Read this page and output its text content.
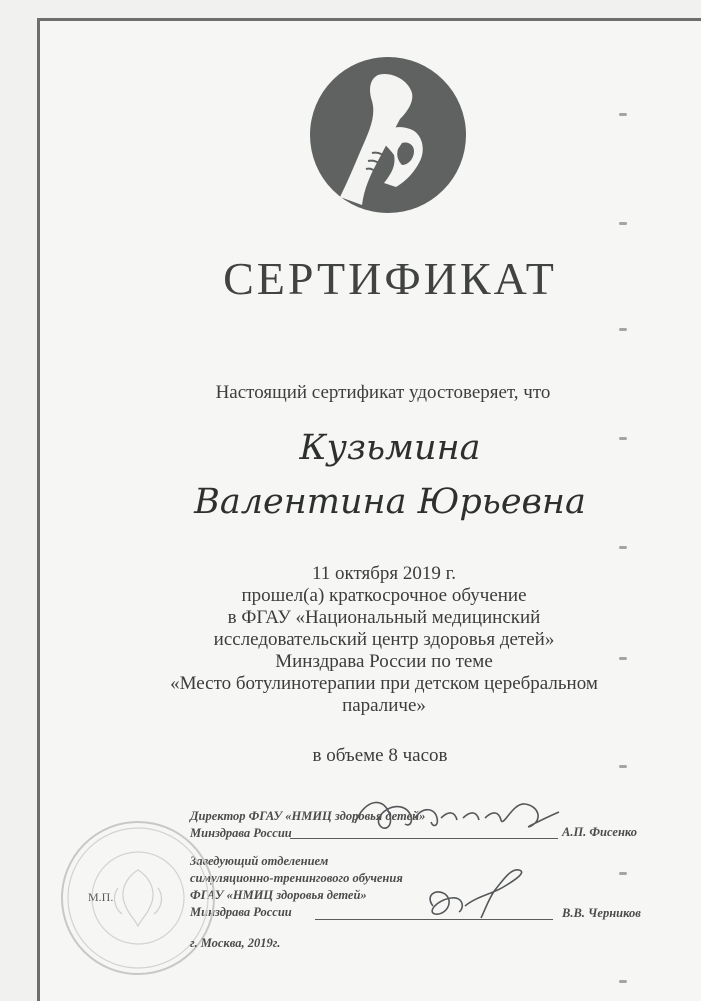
СЕРТИФИКАТ
Настоящий сертификат удостоверяет, что
Кузьмина
Валентина Юрьевна
11 октября 2019 г.
прошел(а) краткосрочное обучение
в ФГАУ «Национальный медицинский
исследовательский центр здоровья детей»
Минздрава России по теме
«Место ботулинотерапии при детском церебральном
параличе»
в объеме 8 часов
Директор ФГАУ «НМИЦ здоровья детей»
Минздрава России	А.П. Фисенко
Заведующий отделением
симуляционно-тренингового обучения
ФГАУ «НМИЦ здоровья детей»
Минздрава России	В.В. Черников
М.П.
г. Москва, 2019г.
